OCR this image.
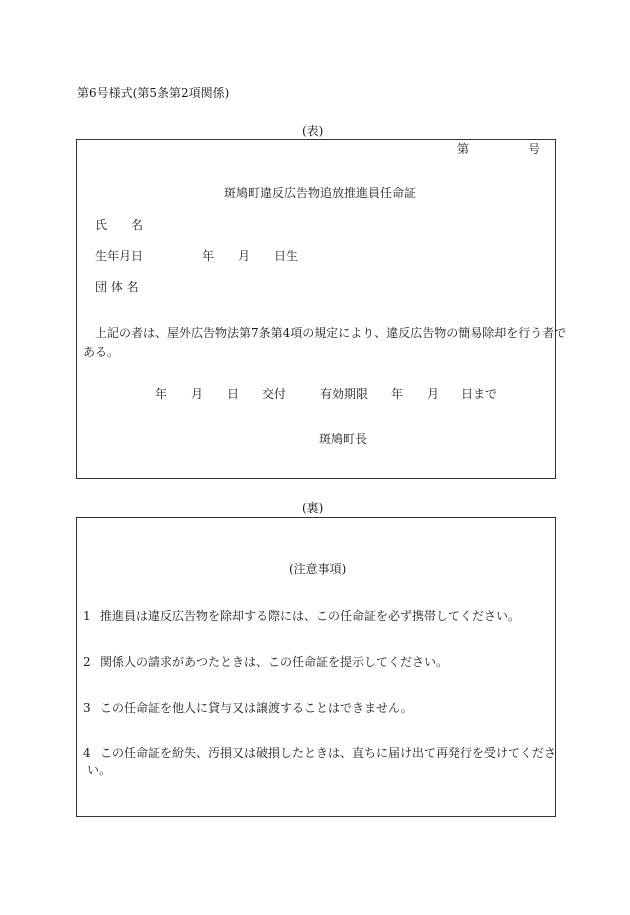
第6号様式(第5条第2項関係)
(表)
第	号
斑鳩町違反広告物追放推進員任命証
氏 名
生年月日	年 月 日生
団 体 名
上記の者は、屋外広告物法第7条第4項の規定により、違反広告物の簡易除却を行う者で
ある。
年 月 日 交付	有効期限 年 月 日まで
斑鳩町長
(裏)
(注意事項)
1 推進員は違反広告物を除却する際には、この任命証を必ず携帯してください。
2 関係人の請求があつたときは、この任命証を提示してください。
3 この任命証を他人に貸与又は譲渡することはできません。
4 この任命証を紛失、汚損又は破損したときは、直ちに届け出て再発行を受けてくださ
い。
